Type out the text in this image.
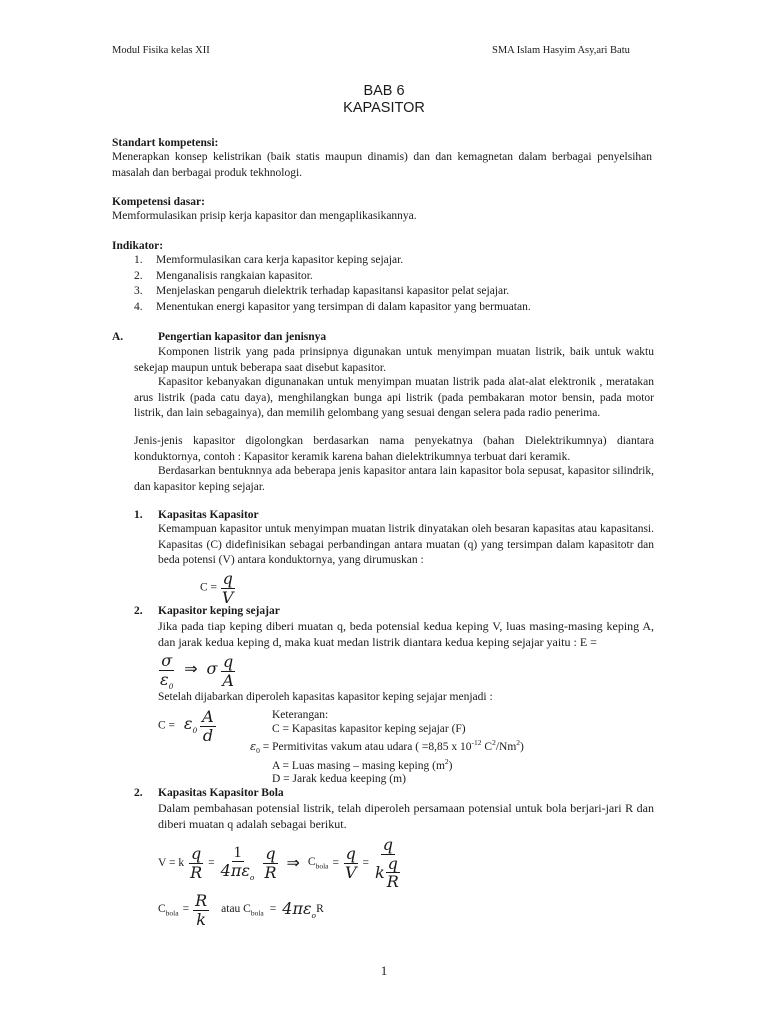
Modul Fisika kelas XII	SMA Islam Hasyim Asy,ari Batu
BAB 6
KAPASITOR
Standart kompetensi:
Menerapkan konsep kelistrikan (baik statis maupun dinamis) dan dan kemagnetan dalam berbagai penyelsihan masalah dan berbagai produk tekhnologi.
Kompetensi dasar:
Memformulasikan prisip kerja kapasitor dan mengaplikasikannya.
Indikator:
1. Memformulasikan cara kerja kapasitor keping sejajar.
2. Menganalisis rangkaian kapasitor.
3. Menjelaskan pengaruh dielektrik terhadap kapasitansi kapasitor pelat sejajar.
4. Menentukan energi kapasitor yang tersimpan di dalam kapasitor yang bermuatan.
A.	Pengertian kapasitor dan jenisnya
Komponen listrik yang pada prinsipnya digunakan untuk menyimpan muatan listrik, baik untuk waktu sekejap maupun untuk beberapa saat disebut kapasitor.
Kapasitor kebanyakan digunanakan untuk menyimpan muatan listrik pada alat-alat elektronik , meratakan arus listrik (pada catu daya), menghilangkan bunga api listrik (pada pembakaran motor bensin, pada motor listrik, dan lain sebagainya), dan memilih gelombang yang sesuai dengan selera pada radio penerima.
Jenis-jenis kapasitor digolongkan berdasarkan nama penyekatnya (bahan Dielektrikumnya) diantara konduktornya, contoh : Kapasitor keramik karena bahan dielektrikumnya terbuat dari keramik.
Berdasarkan bentuknnya ada beberapa jenis kapasitor antara lain kapasitor bola sepusat, kapasitor silindrik, dan kapasitor keping sejajar.
1. Kapasitas Kapasitor
Kemampuan kapasitor untuk menyimpan muatan listrik dinyatakan oleh besaran kapasitas atau kapasitansi. Kapasitas (C) didefinisikan sebagai perbandingan antara muatan (q) yang tersimpan dalam kapasitotr dan beda potensi (V) antara konduktornya, yang dirumuskan :
$C = \frac{q}{V}$
2. Kapasitor keping sejajar
Jika pada tiap keping diberi muatan q, beda potensial kedua keping V, luas masing-masing keping A, dan jarak kedua keping d, maka kuat medan listrik diantara kedua keping sejajar yaitu : E =
$\frac{\sigma}{\varepsilon_0}$ ⇒ σ $\frac{q}{A}$
Setelah dijabarkan diperoleh kapasitas kapasitor keping sejajar menjadi :
$C = \varepsilon_0 \frac{A}{d}$	Keterangan:
C = Kapasitas kapasitor keping sejajar (F)
$\varepsilon_0$ = Permitivitas vakum atau udara ( =8,85 x $10^{-12}$ $C^2/Nm^2$)
A = Luas masing – masing keping $(m^2)$
D = Jarak kedua keeping (m)
2. Kapasitas Kapasitor Bola
Dalam pembahasan potensial listrik, telah diperoleh persamaan potensial untuk bola berjari-jari R dan diberi muatan q adalah sebagai berikut.
V = k $\frac{q}{R} = \frac{1}{4\pi\varepsilon_o} \frac{q}{R}$ ⇒ $C_{bola} = \frac{q}{V} = \frac{q}{k \frac{q}{R}}$
$C_{bola} = \frac{R}{k}$ atau $C_{bola} = 4\pi\varepsilon_o$
R
1
